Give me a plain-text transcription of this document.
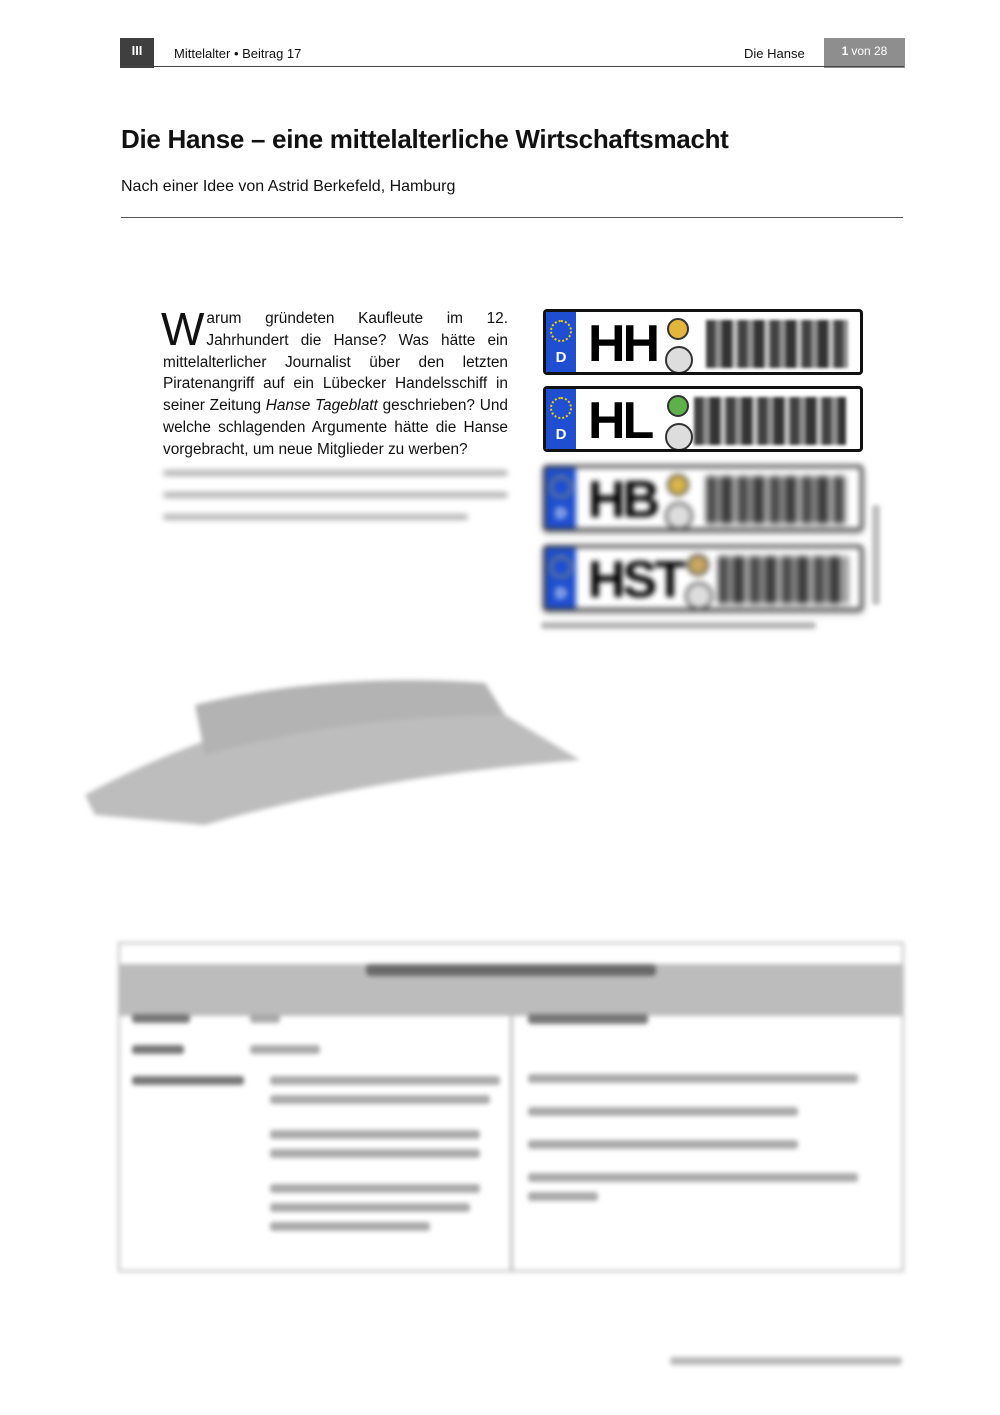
III	Mittelalter • Beitrag 17	Die Hanse	1 von 28
Die Hanse – eine mittelalterliche Wirtschaftsmacht
Nach einer Idee von Astrid Berkefeld, Hamburg

Warum gründeten Kaufleute im 12. Jahrhundert die Hanse? Was hätte ein mittelalterlicher Journalist über den letzten Piratenangriff auf ein Lübecker Handelsschiff in seiner Zeitung Hanse Tageblatt geschrieben? Und welche schlagenden Argumente hätte die Hanse vorgebracht, um neue Mitglieder zu werben?

D HH
D HL
D HB
D HST
